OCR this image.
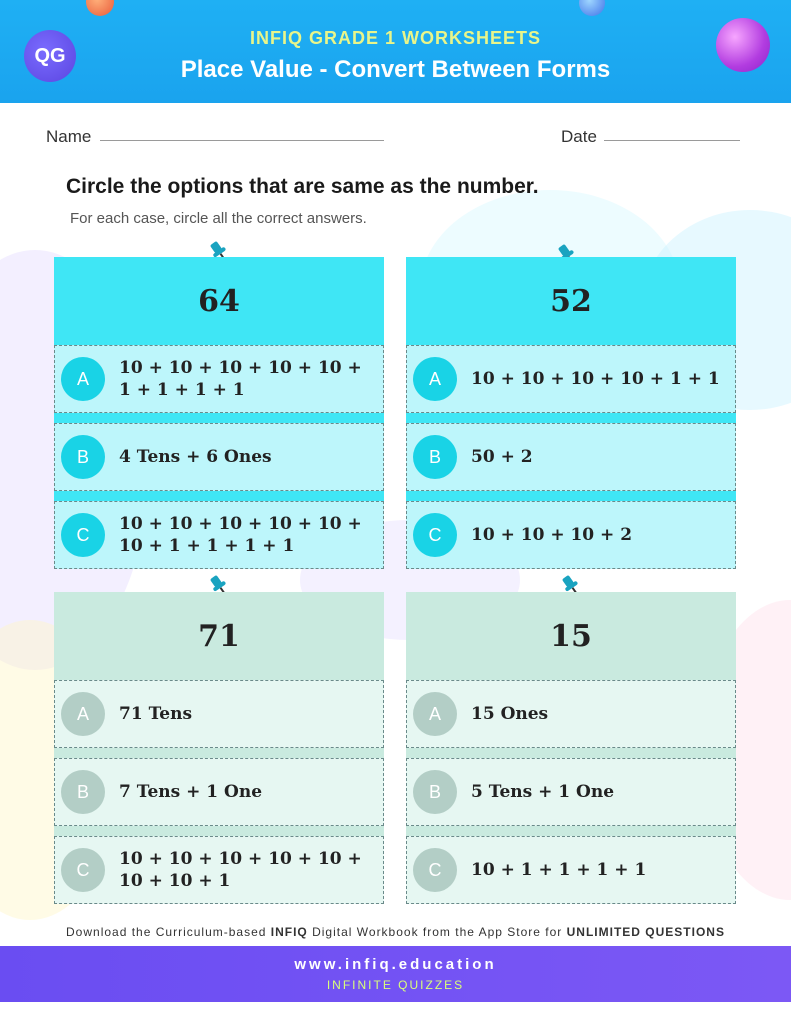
QG
INFIQ GRADE 1 WORKSHEETS
Place Value - Convert Between Forms
Name	Date
Circle the options that are same as the number.
For each case, circle all the correct answers.
64
A
10 + 10 + 10 + 10 + 10 + 1 + 1 + 1 + 1
B	4 Tens + 6 Ones
C
10 + 10 + 10 + 10 + 10 + 10 + 1 + 1 + 1 + 1
52
A	10 + 10 + 10 + 10 + 1 + 1
B	50 + 2
C	10 + 10 + 10 + 2
71
A	71 Tens
B	7 Tens + 1 One
C
10 + 10 + 10 + 10 + 10 + 10 + 10 + 1
15
A	15 Ones
B	5 Tens + 1 One
C	10 + 1 + 1 + 1 + 1
Download the Curriculum-based INFIQ Digital Workbook from the App Store for UNLIMITED QUESTIONS
www.infiq.education
INFINITE QUIZZES
